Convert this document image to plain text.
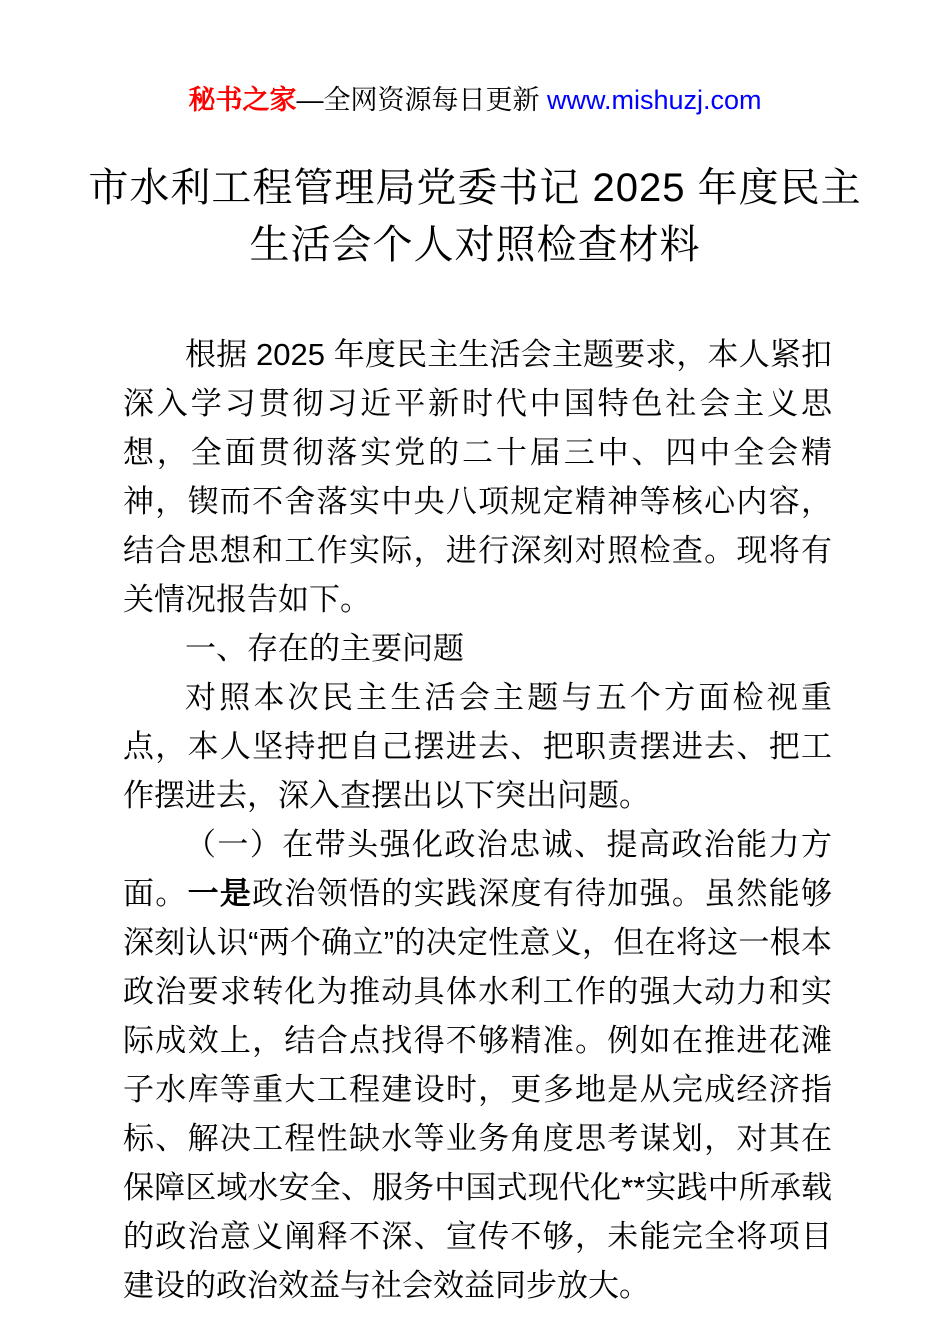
秘书之家—全网资源每日更新 www.mishuzj.com
市水利工程管理局党委书记 2025 年度民主
生活会个人对照检查材料

根据 2025 年度民主生活会主题要求，本人紧扣深入学习贯彻习近平新时代中国特色社会主义思想，全面贯彻落实党的二十届三中、四中全会精神，锲而不舍落实中央八项规定精神等核心内容，结合思想和工作实际，进行深刻对照检查。现将有关情况报告如下。

一、存在的主要问题

对照本次民主生活会主题与五个方面检视重点，本人坚持把自己摆进去、把职责摆进去、把工作摆进去，深入查摆出以下突出问题。

（一）在带头强化政治忠诚、提高政治能力方面。一是政治领悟的实践深度有待加强。虽然能够深刻认识“两个确立”的决定性意义，但在将这一根本政治要求转化为推动具体水利工作的强大动力和实际成效上，结合点找得不够精准。例如在推进花滩子水库等重大工程建设时，更多地是从完成经济指标、解决工程性缺水等业务角度思考谋划，对其在保障区域水安全、服务中国式现代化**实践中所承载的政治意义阐释不深、宣传不够，未能完全将项目建设的政治效益与社会效益同步放大。
